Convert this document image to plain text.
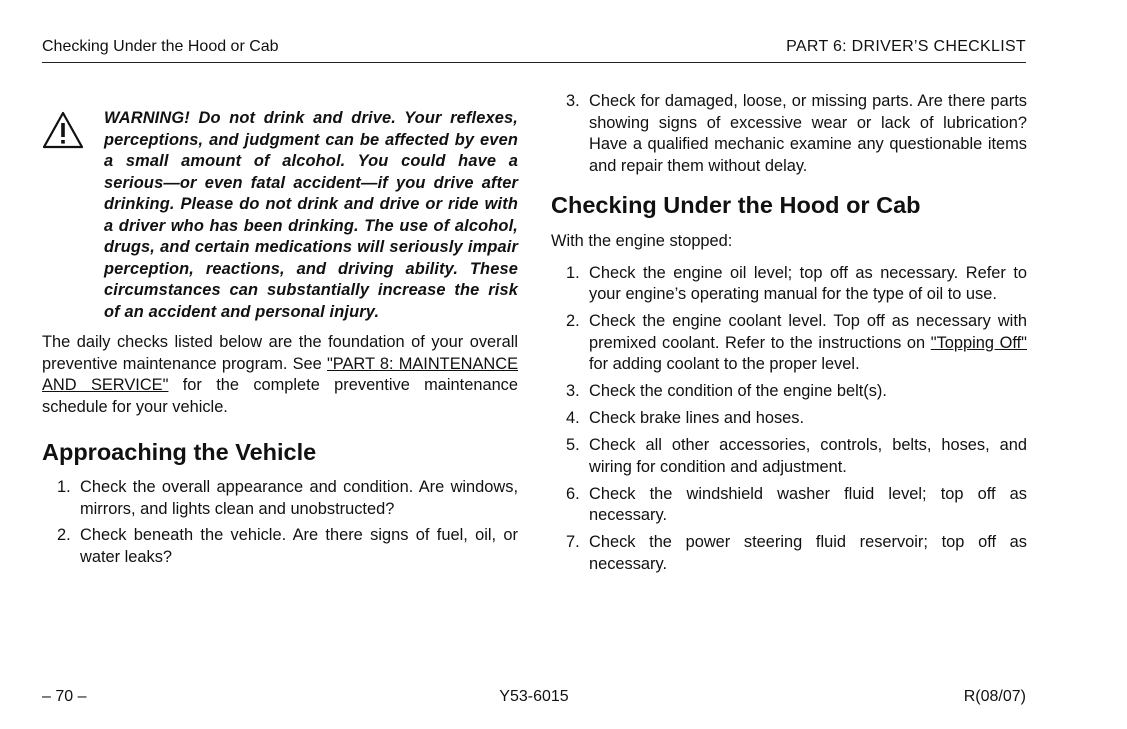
Checking Under the Hood or Cab	PART 6: DRIVER’S CHECKLIST
WARNING! Do not drink and drive. Your reflexes, perceptions, and judgment can be affected by even a small amount of alcohol. You could have a serious—or even fatal accident—if you drive after drinking. Please do not drink and drive or ride with a driver who has been drinking. The use of alcohol, drugs, and certain medications will seriously impair perception, reactions, and driving ability. These circumstances can substantially increase the risk of an accident and personal injury.

The daily checks listed below are the foundation of your overall preventive maintenance program. See "PART 8: MAINTENANCE AND SERVICE" for the complete preventive maintenance schedule for your vehicle.

Approaching the Vehicle
1. Check the overall appearance and condition. Are windows, mirrors, and lights clean and unobstructed?
2. Check beneath the vehicle. Are there signs of fuel, oil, or water leaks?
3. Check for damaged, loose, or missing parts. Are there parts showing signs of excessive wear or lack of lubrication? Have a qualified mechanic examine any questionable items and repair them without delay.
Checking Under the Hood or Cab

With the engine stopped:

1. Check the engine oil level; top off as necessary. Refer to your engine’s operating manual for the type of oil to use.
2. Check the engine coolant level. Top off as necessary with premixed coolant. Refer to the instructions on "Topping Off" for adding coolant to the proper level.
3. Check the condition of the engine belt(s).
4. Check brake lines and hoses.
5. Check all other accessories, controls, belts, hoses, and wiring for condition and adjustment.
6. Check the windshield washer fluid level; top off as necessary.
7. Check the power steering fluid reservoir; top off as necessary.
– 70 –	Y53-6015	R(08/07)
